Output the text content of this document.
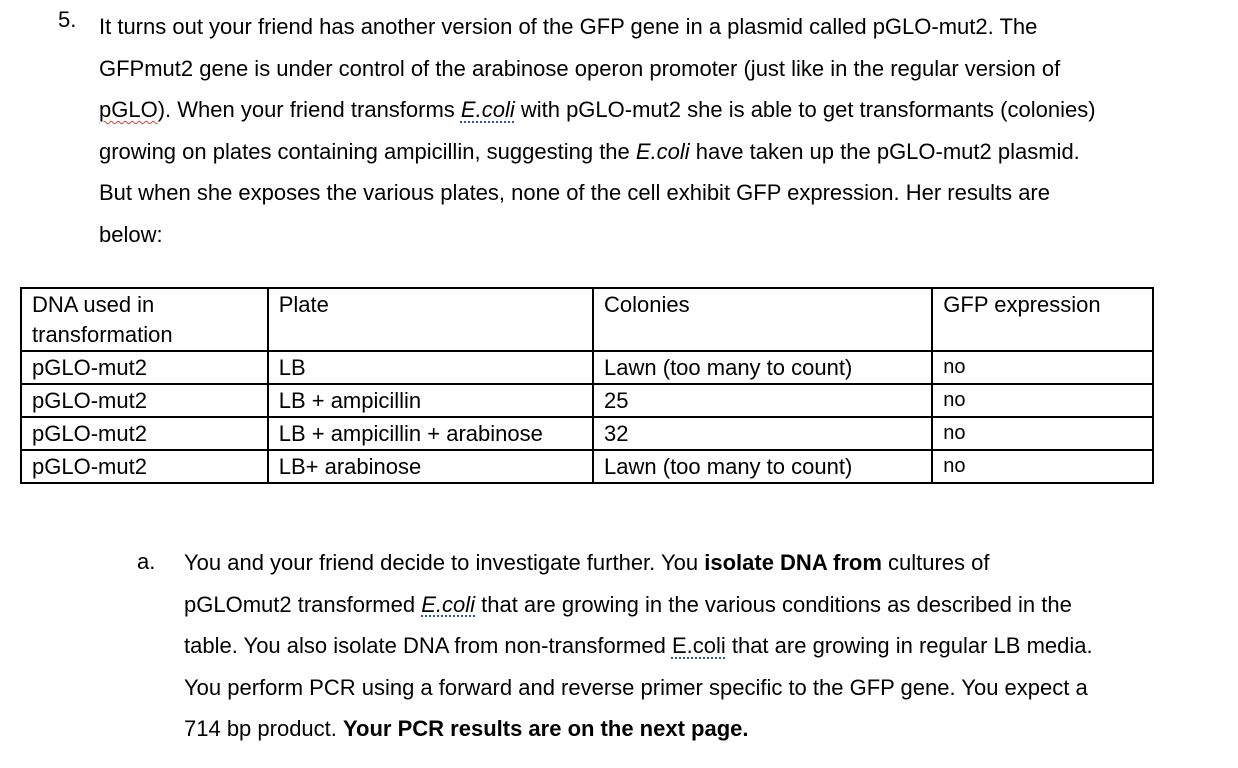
5. It turns out your friend has another version of the GFP gene in a plasmid called pGLO-mut2. The
GFPmut2 gene is under control of the arabinose operon promoter (just like in the regular version of
pGLO). When your friend transforms E.coli with pGLO-mut2 she is able to get transformants (colonies)
growing on plates containing ampicillin, suggesting the E.coli have taken up the pGLO-mut2 plasmid.
But when she exposes the various plates, none of the cell exhibit GFP expression. Her results are
below:
DNA used in transformation	Plate	Colonies	GFP expression
pGLO-mut2	LB	Lawn (too many to count)	no
pGLO-mut2	LB + ampicillin	25	no
pGLO-mut2	LB + ampicillin + arabinose	32	no
pGLO-mut2	LB+ arabinose	Lawn (too many to count)	no
a. You and your friend decide to investigate further. You isolate DNA from cultures of
pGLOmut2 transformed E.coli that are growing in the various conditions as described in the
table. You also isolate DNA from non-transformed E.coli that are growing in regular LB media.
You perform PCR using a forward and reverse primer specific to the GFP gene. You expect a
714 bp product. Your PCR results are on the next page.
